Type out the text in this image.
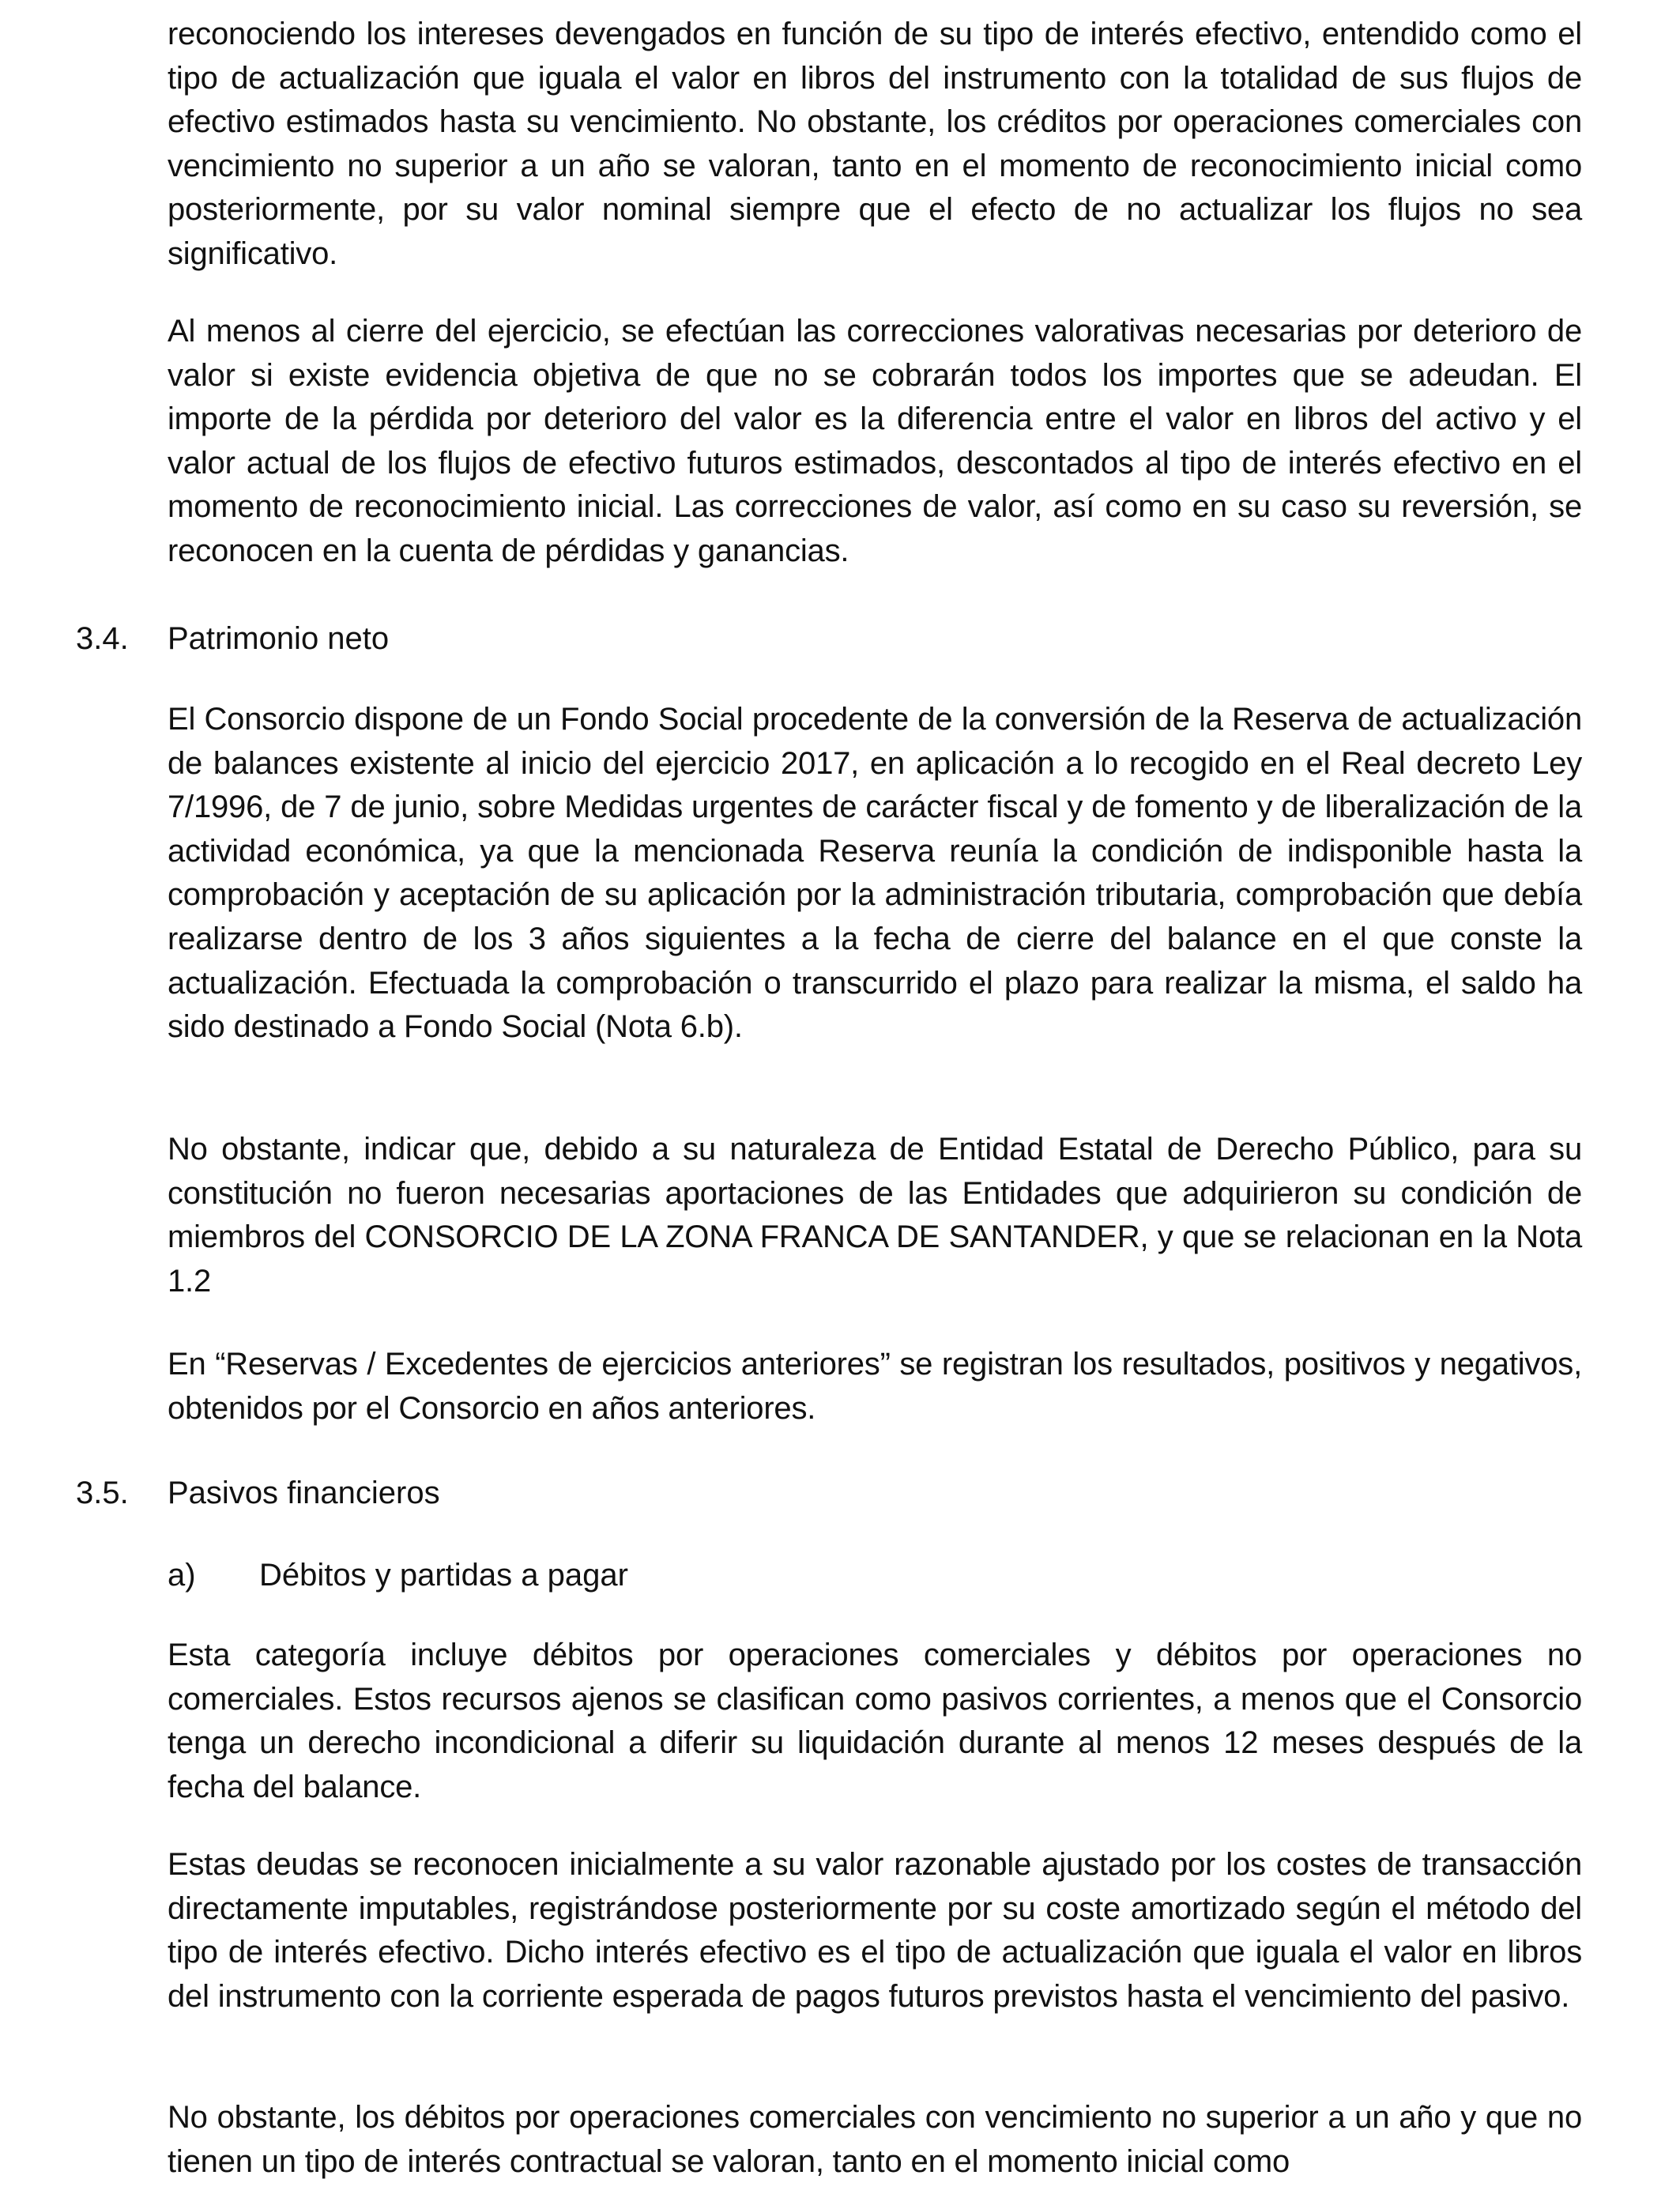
reconociendo los intereses devengados en función de su tipo de interés efectivo, entendido como el tipo de actualización que iguala el valor en libros del instrumento con la totalidad de sus flujos de efectivo estimados hasta su vencimiento. No obstante, los créditos por operaciones comerciales con vencimiento no superior a un año se valoran, tanto en el momento de reconocimiento inicial como posteriormente, por su valor nominal siempre que el efecto de no actualizar los flujos no sea significativo.

Al menos al cierre del ejercicio, se efectúan las correcciones valorativas necesarias por deterioro de valor si existe evidencia objetiva de que no se cobrarán todos los importes que se adeudan. El importe de la pérdida por deterioro del valor es la diferencia entre el valor en libros del activo y el valor actual de los flujos de efectivo futuros estimados, descontados al tipo de interés efectivo en el momento de reconocimiento inicial. Las correcciones de valor, así como en su caso su reversión, se reconocen en la cuenta de pérdidas y ganancias.

3.4. Patrimonio neto

El Consorcio dispone de un Fondo Social procedente de la conversión de la Reserva de actualización de balances existente al inicio del ejercicio 2017, en aplicación a lo recogido en el Real decreto Ley 7/1996, de 7 de junio, sobre Medidas urgentes de carácter fiscal y de fomento y de liberalización de la actividad económica, ya que la mencionada Reserva reunía la condición de indisponible hasta la comprobación y aceptación de su aplicación por la administración tributaria, comprobación que debía realizarse dentro de los 3 años siguientes a la fecha de cierre del balance en el que conste la actualización. Efectuada la comprobación o transcurrido el plazo para realizar la misma, el saldo ha sido destinado a Fondo Social (Nota 6.b).

No obstante, indicar que, debido a su naturaleza de Entidad Estatal de Derecho Público, para su constitución no fueron necesarias aportaciones de las Entidades que adquirieron su condición de miembros del CONSORCIO DE LA ZONA FRANCA DE SANTANDER, y que se relacionan en la Nota 1.2

En “Reservas / Excedentes de ejercicios anteriores” se registran los resultados, positivos y negativos, obtenidos por el Consorcio en años anteriores.

3.5. Pasivos financieros
a) Débitos y partidas a pagar

Esta categoría incluye débitos por operaciones comerciales y débitos por operaciones no comerciales. Estos recursos ajenos se clasifican como pasivos corrientes, a menos que el Consorcio tenga un derecho incondicional a diferir su liquidación durante al menos 12 meses después de la fecha del balance.

Estas deudas se reconocen inicialmente a su valor razonable ajustado por los costes de transacción directamente imputables, registrándose posteriormente por su coste amortizado según el método del tipo de interés efectivo. Dicho interés efectivo es el tipo de actualización que iguala el valor en libros del instrumento con la corriente esperada de pagos futuros previstos hasta el vencimiento del pasivo.

No obstante, los débitos por operaciones comerciales con vencimiento no superior a un año y que no tienen un tipo de interés contractual se valoran, tanto en el momento inicial como
